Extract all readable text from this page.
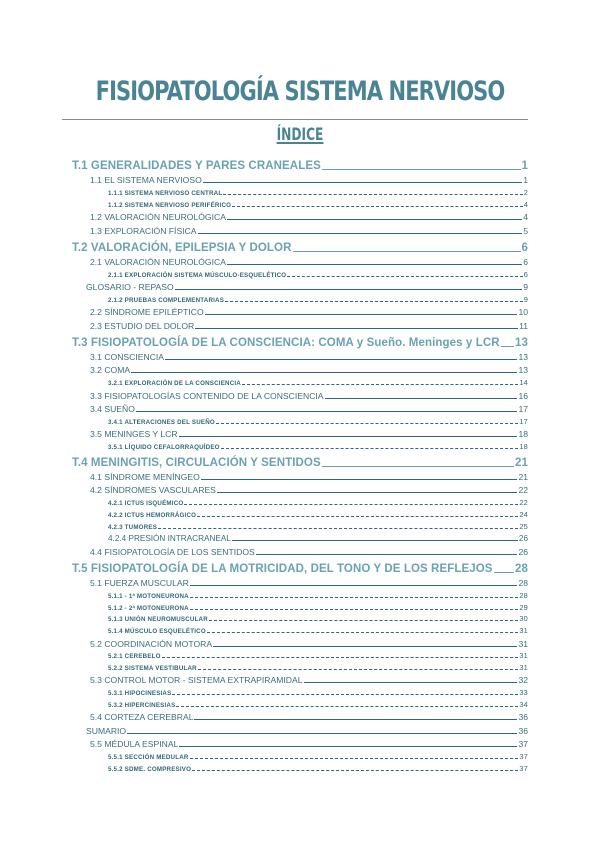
FISIOPATOLOGÍA SISTEMA NERVIOSO
ÍNDICE
T.1 GENERALIDADES Y PARES CRANEALES	1
1.1 EL SISTEMA NERVIOSO	1
1.1.1 SISTEMA NERVIOSO CENTRAL	2
1.1.2 SISTEMA NERVIOSO PERIFÉRICO	4
1.2 VALORACIÓN NEUROLÓGICA	4
1.3 EXPLORACIÓN FÍSICA	5
T.2 VALORACIÓN, EPILEPSIA Y DOLOR	6
2.1 VALORACIÓN NEUROLÓGICA	6
2.1.1 EXPLORACIÓN SISTEMA MÚSCULO-ESQUELÉTICO	6
GLOSARIO - REPASO	9
2.1.2 PRUEBAS COMPLEMENTARIAS	9
2.2 SÍNDROME EPILÉPTICO	10
2.3 ESTUDIO DEL DOLOR	11
T.3 FISIOPATOLOGÍA DE LA CONSCIENCIA: COMA y Sueño. Meninges y LCR 13
3.1 CONSCIENCIA	13
3.2 COMA	13
3.2.1 EXPLORACIÓN DE LA CONSCIENCIA	14
3.3 FISIOPATOLOGÍAS CONTENIDO DE LA CONSCIENCIA	16
3.4 SUEÑO	17
3.4.1 ALTERACIONES DEL SUEÑO	17
3.5 MENINGES Y LCR	18
3.5.1 LÍQUIDO CEFALORRAQUÍDEO	18
T.4 MENINGITIS, CIRCULACIÓN Y SENTIDOS	21
4.1 SÍNDROME MENÍNGEO	21
4.2 SÍNDROMES VASCULARES	22
4.2.1 ICTUS ISQUÉMICO	22
4.2.2 ICTUS HEMORRÁGICO	24
4.2.3 TUMORES	25
4.2.4 PRESIÓN INTRACRANEAL	26
4.4 FISIOPATOLOGÍA DE LOS SENTIDOS	26
T.5 FISIOPATOLOGÍA DE LA MOTRICIDAD, DEL TONO Y DE LOS REFLEJOS 28
5.1 FUERZA MUSCULAR	28
5.1.1 - 1ª MOTONEURONA	28
5.1.2 - 2ª MOTONEURONA	29
5.1.3 UNIÓN NEUROMUSCULAR	30
5.1.4 MÚSCULO ESQUELÉTICO	31
5.2 COORDINACIÓN MOTORA	31
5.2.1 CEREBELO	31
5.2.2 SISTEMA VESTIBULAR	31
5.3 CONTROL MOTOR - SISTEMA EXTRAPIRAMIDAL	32
5.3.1 HIPOCINESIAS	33
5.3.2 HIPERCINESIAS	34
5.4 CORTEZA CEREBRAL	36
SUMARIO	36
5.5 MÉDULA ESPINAL	37
5.5.1 SECCIÓN MEDULAR	37
5.5.2 SDME. COMPRESIVO	37
